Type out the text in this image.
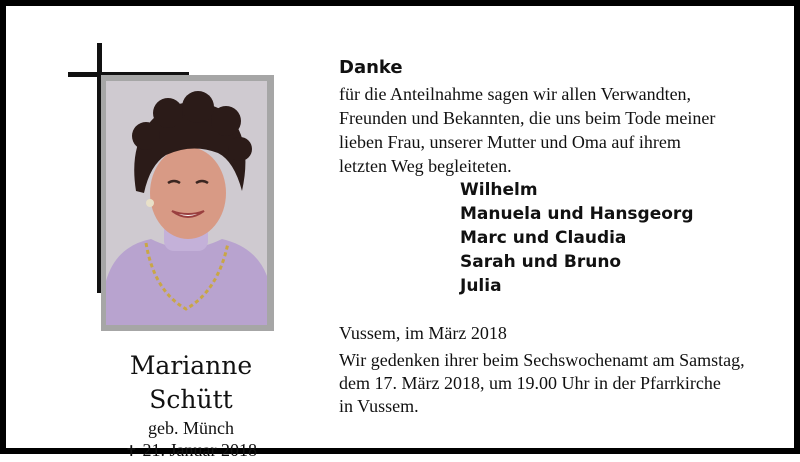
Marianne Schütt
geb. Münch
✝ 21. Januar 2018
Danke
für die Anteilnahme sagen wir allen Verwandten,
Freunden und Bekannten, die uns beim Tode meiner
lieben Frau, unserer Mutter und Oma auf ihrem
letzten Weg begleiteten.
Wilhelm
Manuela und Hansgeorg
Marc und Claudia
Sarah und Bruno
Julia
Vussem, im März 2018
Wir gedenken ihrer beim Sechswochenamt am Samstag,
dem 17. März 2018, um 19.00 Uhr in der Pfarrkirche
in Vussem.
